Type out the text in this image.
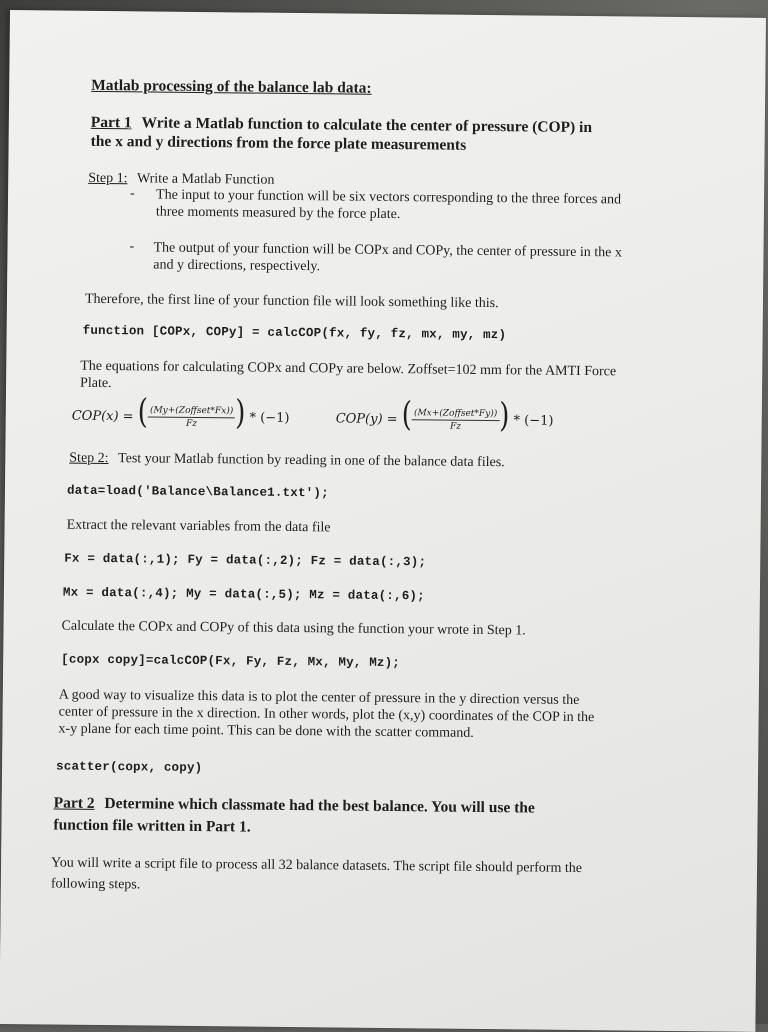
Matlab processing of the balance lab data:
Part 1 Write a Matlab function to calculate the center of pressure (COP) in
the x and y directions from the force plate measurements
Step 1: Write a Matlab Function
- The input to your function will be six vectors corresponding to the three forces and
three moments measured by the force plate.
- The output of your function will be COPx and COPy, the center of pressure in the x
and y directions, respectively.
Therefore, the first line of your function file will look something like this.
function [COPx, COPy] = calcCOP(fx, fy, fz, mx, my, mz)
The equations for calculating COPx and COPy are below. Zoffset=102 mm for the AMTI Force
Plate.
COP(x) = ( $\frac{\text{(My+(Zoffset*Fx))}}{Fz}$ ) * (−1)	COP(y) = ( $\frac{\text{(Mx+(Zoffset*Fy))}}{Fz}$ ) * (−1)
Step 2: Test your Matlab function by reading in one of the balance data files.
data=load('Balance\Balance1.txt');
Extract the relevant variables from the data file
Fx = data(:,1); Fy = data(:,2); Fz = data(:,3);
Mx = data(:,4); My = data(:,5); Mz = data(:,6);
Calculate the COPx and COPy of this data using the function your wrote in Step 1.
[copx copy]=calcCOP(Fx, Fy, Fz, Mx, My, Mz);
A good way to visualize this data is to plot the center of pressure in the y direction versus the
center of pressure in the x direction. In other words, plot the (x,y) coordinates of the COP in the
x-y plane for each time point. This can be done with the scatter command.
scatter(copx, copy)
Part 2 Determine which classmate had the best balance. You will use the
function file written in Part 1.
You will write a script file to process all 32 balance datasets. The script file should perform the
following steps.
